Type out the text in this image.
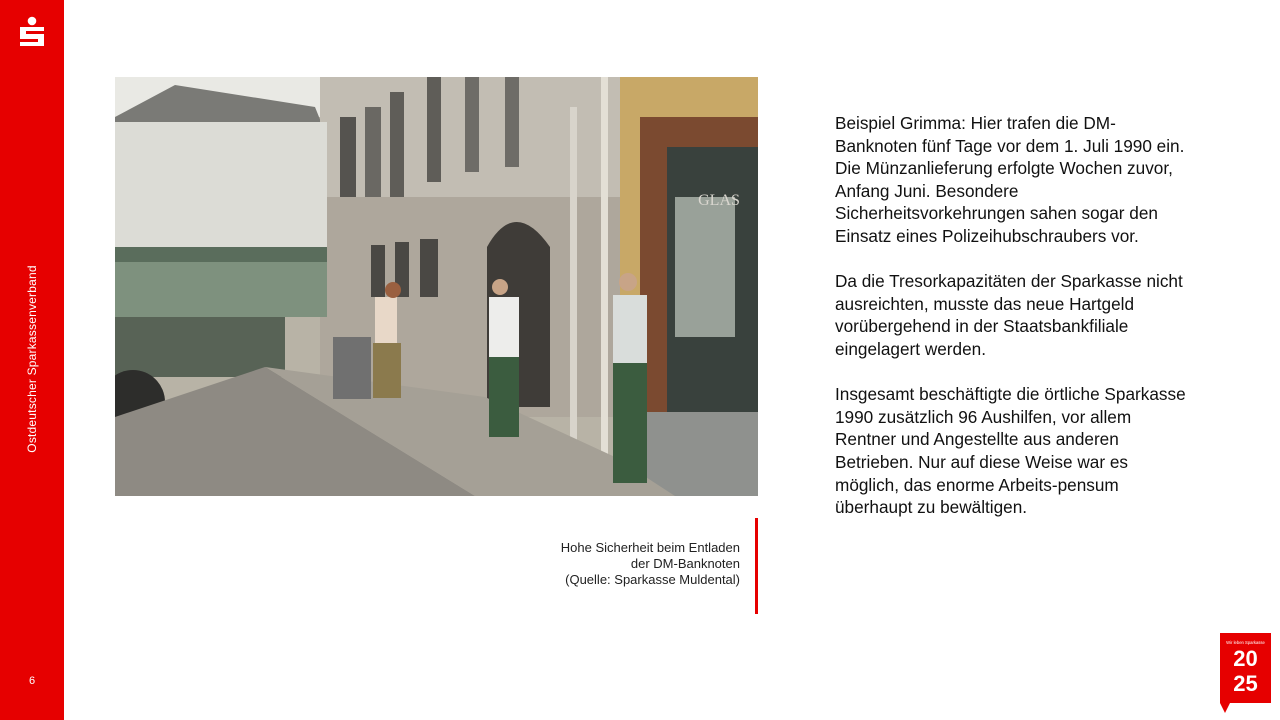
Ostdeutscher Sparkassenverband
6
GLAS
Hohe Sicherheit beim Entladen
der DM-Banknoten
(Quelle: Sparkasse Muldental)

Beispiel Grimma: Hier trafen die DM-Banknoten fünf Tage vor dem 1. Juli 1990 ein. Die Münzanlieferung erfolgte Wochen zuvor, Anfang Juni. Besondere Sicherheitsvorkehrungen sahen sogar den Einsatz eines Polizeihubschraubers vor.

Da die Tresorkapazitäten der Sparkasse nicht ausreichten, musste das neue Hartgeld vorübergehend in der Staatsbankfiliale eingelagert werden.

Insgesamt beschäftigte die örtliche Sparkasse 1990 zusätzlich 96 Aushilfen, vor allem Rentner und Angestellte aus anderen Betrieben. Nur auf diese Weise war es möglich, das enorme Arbeits-pensum überhaupt zu bewältigen.

Wir leben Sparkasse
20
25
